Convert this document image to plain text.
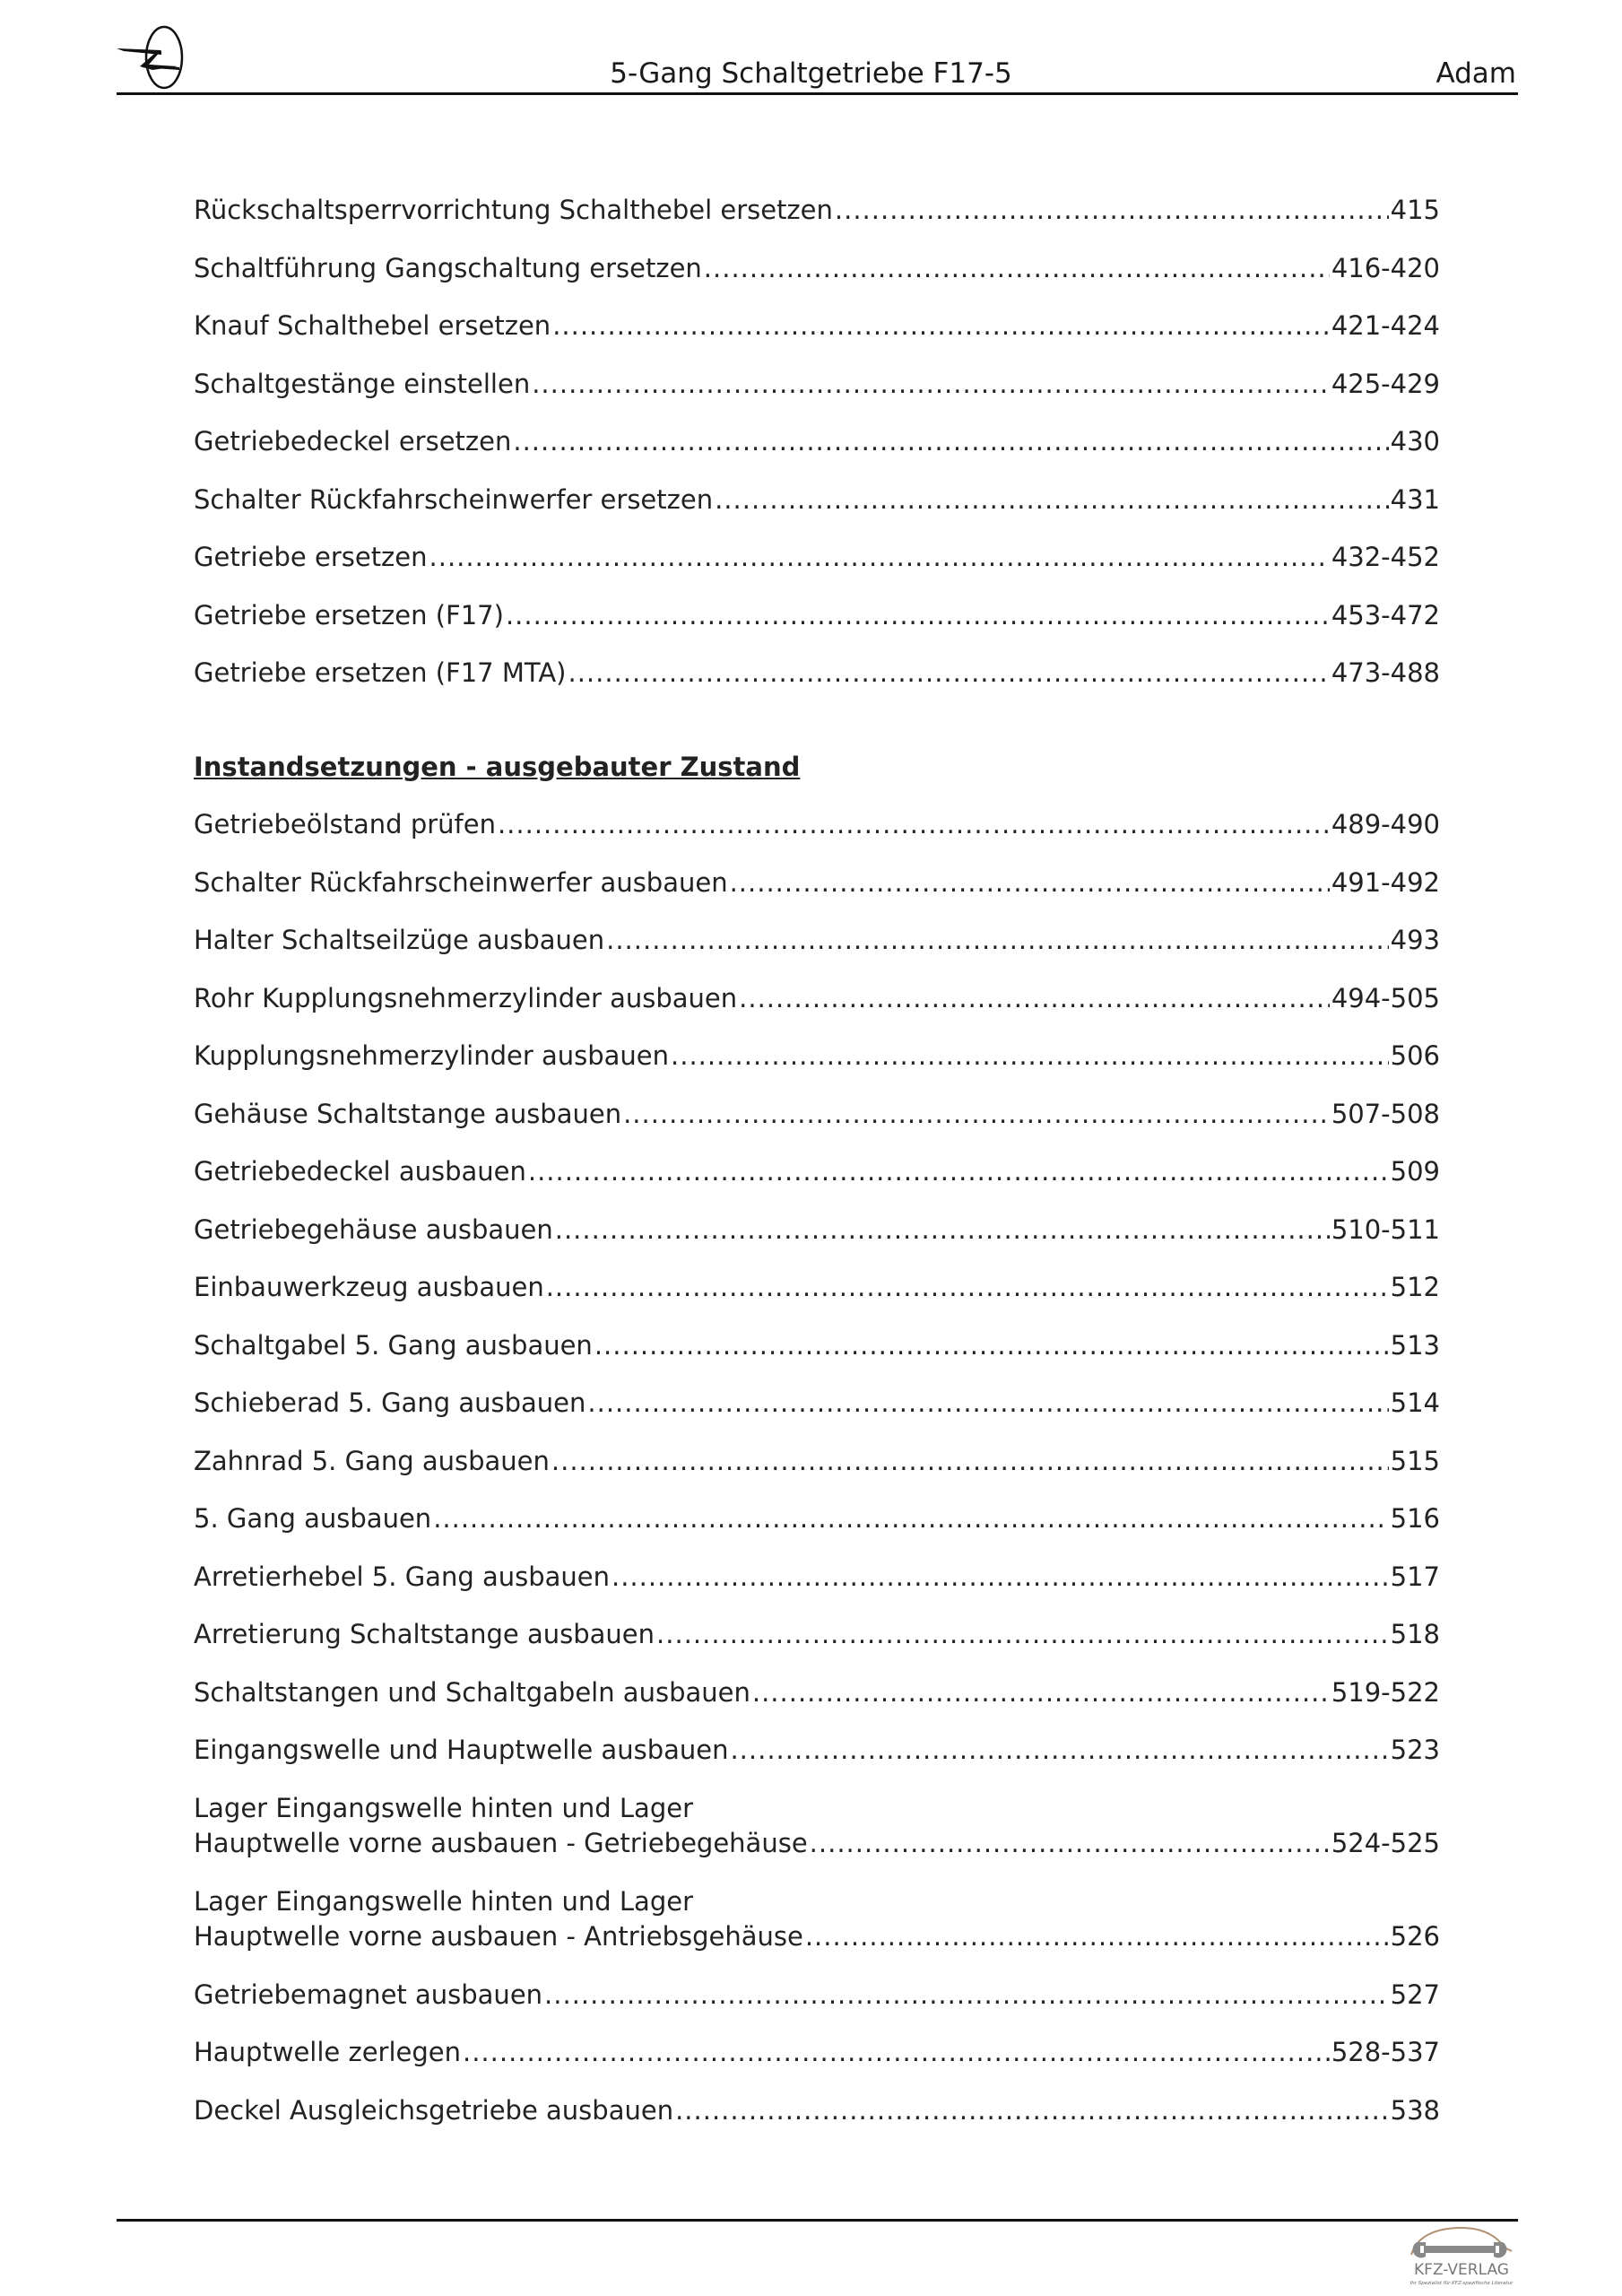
5-Gang Schaltgetriebe F17-5	Adam
Rückschaltsperrvorrichtung Schalthebel ersetzen .....	415
Schaltführung Gangschaltung ersetzen .....	416-420
Knauf Schalthebel ersetzen .....	421-424
Schaltgestänge einstellen .....	425-429
Getriebedeckel ersetzen .....	430
Schalter Rückfahrscheinwerfer ersetzen .....	431
Getriebe ersetzen .....	432-452
Getriebe ersetzen (F17) .....	453-472
Getriebe ersetzen (F17 MTA) .....	473-488
Instandsetzungen - ausgebauter Zustand
Getriebeölstand prüfen .....	489-490
Schalter Rückfahrscheinwerfer ausbauen .....	491-492
Halter Schaltseilzüge ausbauen .....	493
Rohr Kupplungsnehmerzylinder ausbauen .....	494-505
Kupplungsnehmerzylinder ausbauen .....	506
Gehäuse Schaltstange ausbauen .....	507-508
Getriebedeckel ausbauen .....	509
Getriebegehäuse ausbauen .....	510-511
Einbauwerkzeug ausbauen .....	512
Schaltgabel 5. Gang ausbauen .....	513
Schieberad 5. Gang ausbauen .....	514
Zahnrad 5. Gang ausbauen .....	515
5. Gang ausbauen .....	516
Arretierhebel 5. Gang ausbauen .....	517
Arretierung Schaltstange ausbauen .....	518
Schaltstangen und Schaltgabeln ausbauen .....	519-522
Eingangswelle und Hauptwelle ausbauen .....	523
Lager Eingangswelle hinten und Lager
Hauptwelle vorne ausbauen - Getriebegehäuse .....	524-525
Lager Eingangswelle hinten und Lager
Hauptwelle vorne ausbauen - Antriebsgehäuse .....	526
Getriebemagnet ausbauen .....	527
Hauptwelle zerlegen .....	528-537
Deckel Ausgleichsgetriebe ausbauen .....	538
KFZ-VERLAG
Ihr Spezialist für KFZ-spezifische Literatur
